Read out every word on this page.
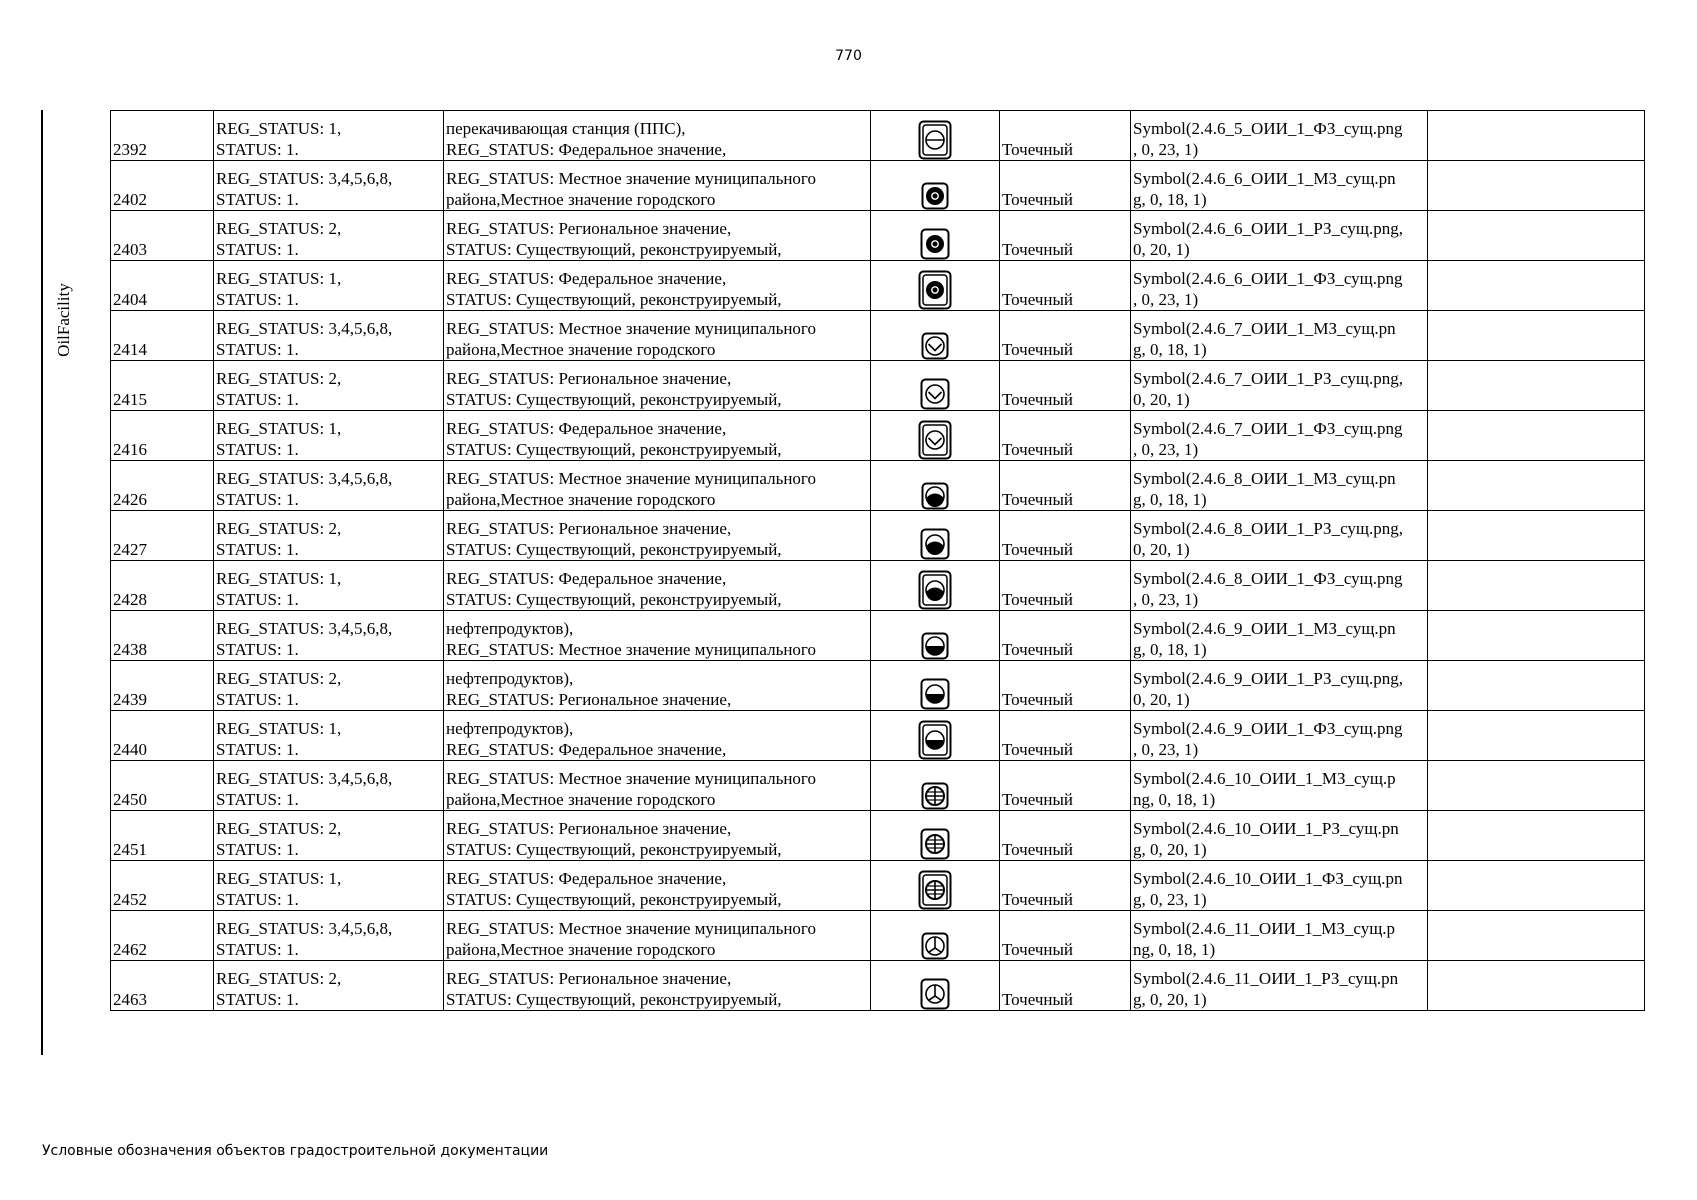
770
OilFacility
2392	REG_STATUS: 1,
STATUS: 1.	перекачивающая станция (ППС),
REG_STATUS: Федеральное значение,		Точечный	Symbol(2.4.6_5_ОИИ_1_ФЗ_сущ.png
, 0, 23, 1)	

2402	REG_STATUS: 3,4,5,6,8,
STATUS: 1.	REG_STATUS: Местное значение муниципального
района,Местное значение городского		Точечный	Symbol(2.4.6_6_ОИИ_1_МЗ_сущ.pn
g, 0, 18, 1)	

2403	REG_STATUS: 2,
STATUS: 1.	REG_STATUS: Региональное значение,
STATUS: Существующий, реконструируемый,		Точечный	Symbol(2.4.6_6_ОИИ_1_РЗ_сущ.png,
0, 20, 1)	

2404	REG_STATUS: 1,
STATUS: 1.	REG_STATUS: Федеральное значение,
STATUS: Существующий, реконструируемый,		Точечный	Symbol(2.4.6_6_ОИИ_1_ФЗ_сущ.png
, 0, 23, 1)	

2414	REG_STATUS: 3,4,5,6,8,
STATUS: 1.	REG_STATUS: Местное значение муниципального
района,Местное значение городского		Точечный	Symbol(2.4.6_7_ОИИ_1_МЗ_сущ.pn
g, 0, 18, 1)	

2415	REG_STATUS: 2,
STATUS: 1.	REG_STATUS: Региональное значение,
STATUS: Существующий, реконструируемый,		Точечный	Symbol(2.4.6_7_ОИИ_1_РЗ_сущ.png,
0, 20, 1)	

2416	REG_STATUS: 1,
STATUS: 1.	REG_STATUS: Федеральное значение,
STATUS: Существующий, реконструируемый,		Точечный	Symbol(2.4.6_7_ОИИ_1_ФЗ_сущ.png
, 0, 23, 1)	

2426	REG_STATUS: 3,4,5,6,8,
STATUS: 1.	REG_STATUS: Местное значение муниципального
района,Местное значение городского		Точечный	Symbol(2.4.6_8_ОИИ_1_МЗ_сущ.pn
g, 0, 18, 1)	

2427	REG_STATUS: 2,
STATUS: 1.	REG_STATUS: Региональное значение,
STATUS: Существующий, реконструируемый,		Точечный	Symbol(2.4.6_8_ОИИ_1_РЗ_сущ.png,
0, 20, 1)	

2428	REG_STATUS: 1,
STATUS: 1.	REG_STATUS: Федеральное значение,
STATUS: Существующий, реконструируемый,		Точечный	Symbol(2.4.6_8_ОИИ_1_ФЗ_сущ.png
, 0, 23, 1)	

2438	REG_STATUS: 3,4,5,6,8,
STATUS: 1.	нефтепродуктов),
REG_STATUS: Местное значение муниципального		Точечный	Symbol(2.4.6_9_ОИИ_1_МЗ_сущ.pn
g, 0, 18, 1)	

2439	REG_STATUS: 2,
STATUS: 1.	нефтепродуктов),
REG_STATUS: Региональное значение,		Точечный	Symbol(2.4.6_9_ОИИ_1_РЗ_сущ.png,
0, 20, 1)	

2440	REG_STATUS: 1,
STATUS: 1.	нефтепродуктов),
REG_STATUS: Федеральное значение,		Точечный	Symbol(2.4.6_9_ОИИ_1_ФЗ_сущ.png
, 0, 23, 1)	

2450	REG_STATUS: 3,4,5,6,8,
STATUS: 1.	REG_STATUS: Местное значение муниципального
района,Местное значение городского		Точечный	Symbol(2.4.6_10_ОИИ_1_МЗ_сущ.p
ng, 0, 18, 1)	

2451	REG_STATUS: 2,
STATUS: 1.	REG_STATUS: Региональное значение,
STATUS: Существующий, реконструируемый,		Точечный	Symbol(2.4.6_10_ОИИ_1_РЗ_сущ.pn
g, 0, 20, 1)	

2452	REG_STATUS: 1,
STATUS: 1.	REG_STATUS: Федеральное значение,
STATUS: Существующий, реконструируемый,		Точечный	Symbol(2.4.6_10_ОИИ_1_ФЗ_сущ.pn
g, 0, 23, 1)	

2462	REG_STATUS: 3,4,5,6,8,
STATUS: 1.	REG_STATUS: Местное значение муниципального
района,Местное значение городского		Точечный	Symbol(2.4.6_11_ОИИ_1_МЗ_сущ.p
ng, 0, 18, 1)	

2463	REG_STATUS: 2,
STATUS: 1.	REG_STATUS: Региональное значение,
STATUS: Существующий, реконструируемый,		Точечный	Symbol(2.4.6_11_ОИИ_1_РЗ_сущ.pn
g, 0, 20, 1)	

Условные обозначения объектов градостроительной документации
